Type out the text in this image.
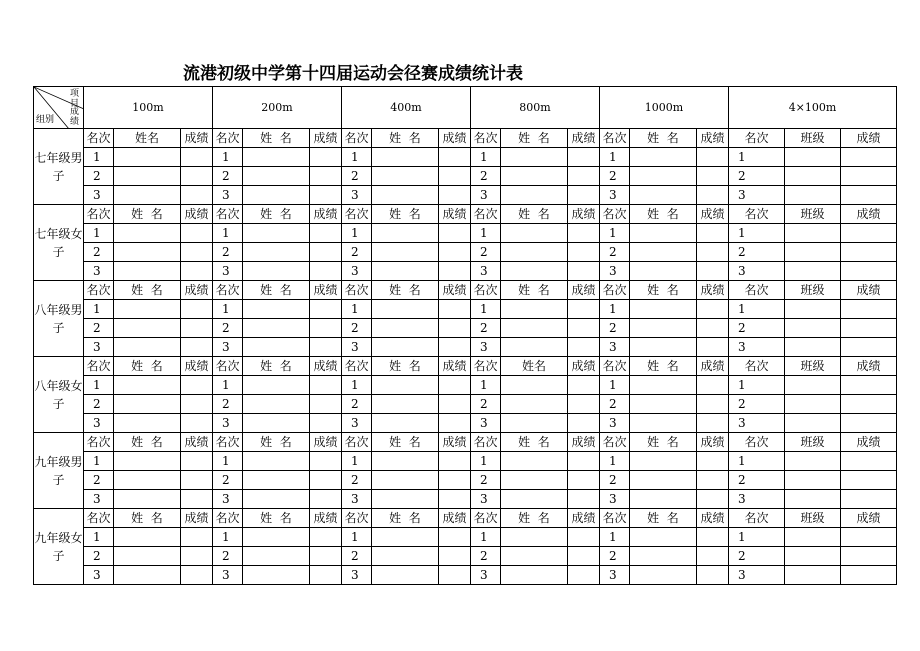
流港初级中学第十四届运动会径赛成绩统计表
项目
成绩
组别	100m			200m			400m			800m			1000m			4×100m		
七年级男子	名次	姓名	成绩	名次	姓  名	成绩	名次	姓  名	成绩	名次	姓  名	成绩	名次	姓  名	成绩	名次	班级	成绩
	1			1			1			1			1			1		
	2			2			2			2			2			2		
	3			3			3			3			3			3		
七年级女子	名次	姓  名	成绩	名次	姓  名	成绩	名次	姓  名	成绩	名次	姓  名	成绩	名次	姓  名	成绩	名次	班级	成绩
	1			1			1			1			1			1		
	2			2			2			2			2			2		
	3			3			3			3			3			3		
八年级男子	名次	姓  名	成绩	名次	姓  名	成绩	名次	姓  名	成绩	名次	姓  名	成绩	名次	姓  名	成绩	名次	班级	成绩
	1			1			1			1			1			1		
	2			2			2			2			2			2		
	3			3			3			3			3			3		
八年级女子	名次	姓  名	成绩	名次	姓  名	成绩	名次	姓  名	成绩	名次	姓名	成绩	名次	姓  名	成绩	名次	班级	成绩
	1			1			1			1			1			1		
	2			2			2			2			2			2		
	3			3			3			3			3			3		
九年级男子	名次	姓  名	成绩	名次	姓  名	成绩	名次	姓  名	成绩	名次	姓  名	成绩	名次	姓  名	成绩	名次	班级	成绩
	1			1			1			1			1			1		
	2			2			2			2			2			2		
	3			3			3			3			3			3		
九年级女子	名次	姓  名	成绩	名次	姓  名	成绩	名次	姓  名	成绩	名次	姓  名	成绩	名次	姓  名	成绩	名次	班级	成绩
	1			1			1			1			1			1		
	2			2			2			2			2			2		
	3			3			3			3			3			3		
